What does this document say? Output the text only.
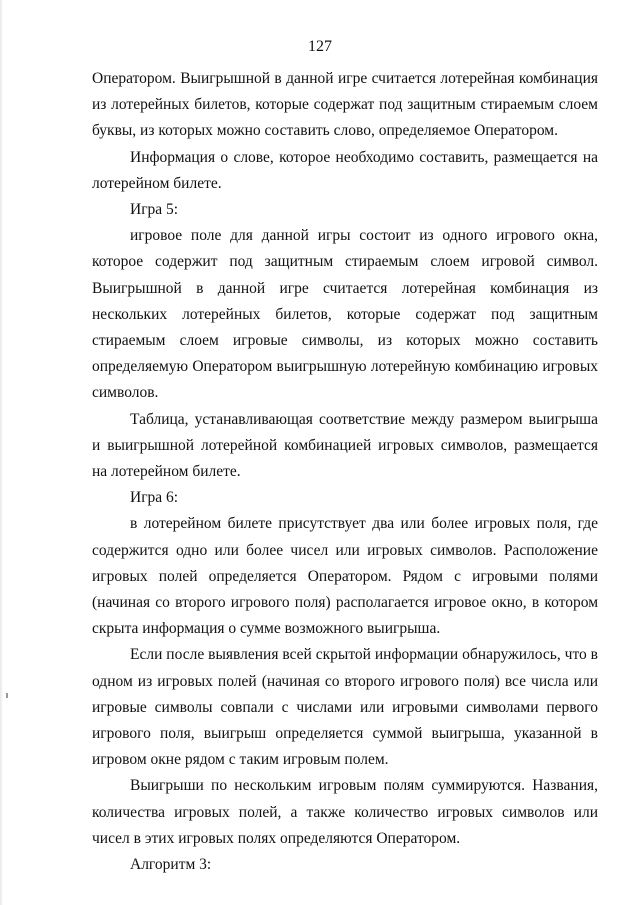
127

Оператором. Выигрышной в данной игре считается лотерейная комбинация из лотерейных билетов, которые содержат под защитным стираемым слоем буквы, из которых можно составить слово, определяемое Оператором.

Информация о слове, которое необходимо составить, размещается на лотерейном билете.

Игра 5:

игровое поле для данной игры состоит из одного игрового окна, которое содержит под защитным стираемым слоем игровой символ. Выигрышной в данной игре считается лотерейная комбинация из нескольких лотерейных билетов, которые содержат под защитным стираемым слоем игровые символы, из которых можно составить определяемую Оператором выигрышную лотерейную комбинацию игровых символов.

Таблица, устанавливающая соответствие между размером выигрыша и выигрышной лотерейной комбинацией игровых символов, размещается на лотерейном билете.

Игра 6:

в лотерейном билете присутствует два или более игровых поля, где содержится одно или более чисел или игровых символов. Расположение игровых полей определяется Оператором. Рядом с игровыми полями (начиная со второго игрового поля) располагается игровое окно, в котором скрыта информация о сумме возможного выигрыша.

Если после выявления всей скрытой информации обнаружилось, что в одном из игровых полей (начиная со второго игрового поля) все числа или игровые символы совпали с числами или игровыми символами первого игрового поля, выигрыш определяется суммой выигрыша, указанной в игровом окне рядом с таким игровым полем.

Выигрыши по нескольким игровым полям суммируются. Названия, количества игровых полей, а также количество игровых символов или чисел в этих игровых полях определяются Оператором.

Алгоритм 3:
